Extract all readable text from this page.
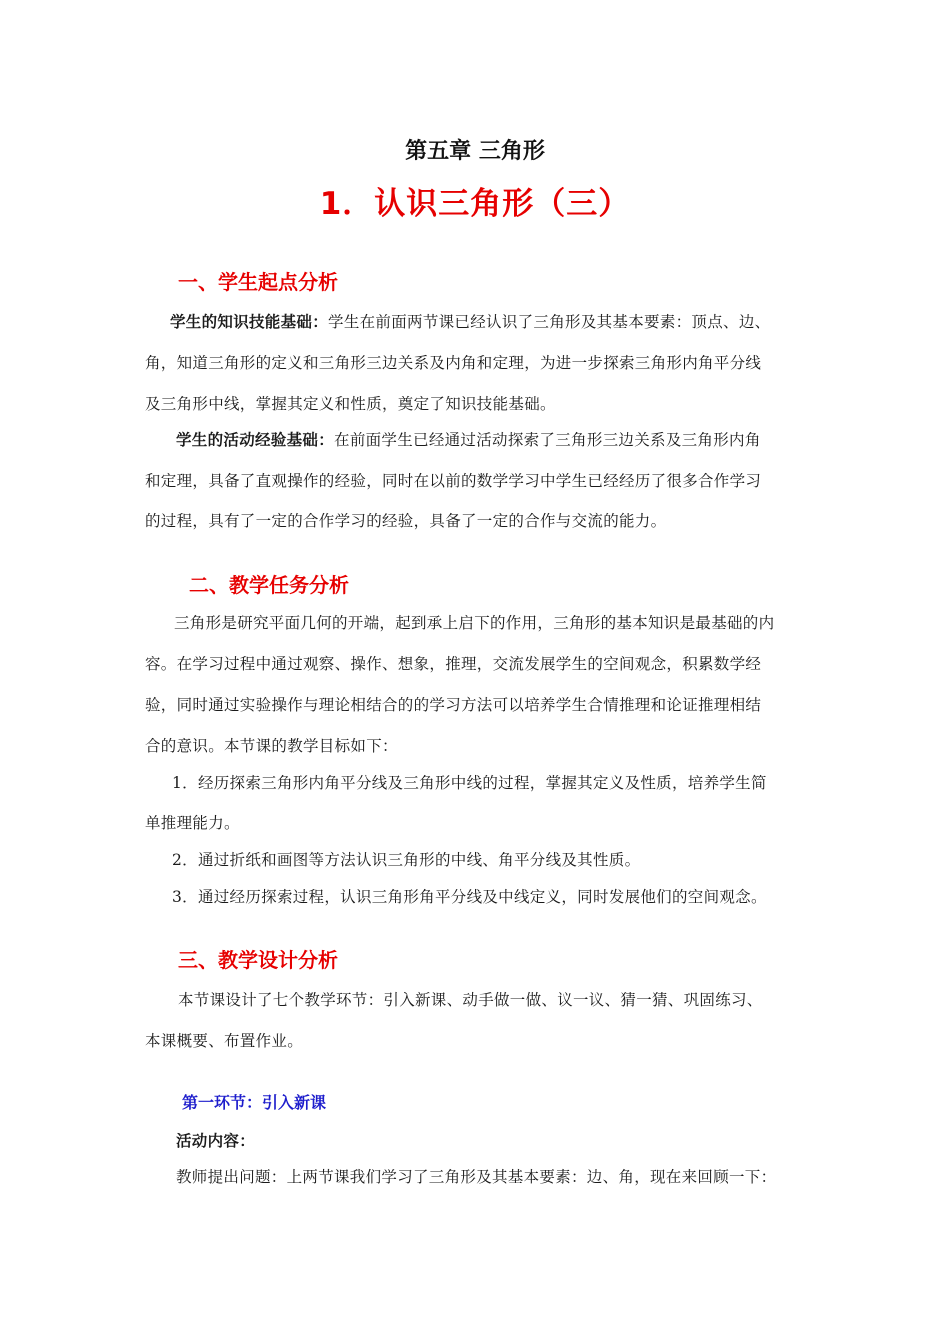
第五章 三角形
1．认识三角形（三）
一、学生起点分析
学生的知识技能基础：学生在前面两节课已经认识了三角形及其基本要素：顶点、边、
角，知道三角形的定义和三角形三边关系及内角和定理，为进一步探索三角形内角平分线
及三角形中线，掌握其定义和性质，奠定了知识技能基础。
学生的活动经验基础：在前面学生已经通过活动探索了三角形三边关系及三角形内角
和定理，具备了直观操作的经验，同时在以前的数学学习中学生已经经历了很多合作学习
的过程，具有了一定的合作学习的经验，具备了一定的合作与交流的能力。
二、教学任务分析
三角形是研究平面几何的开端，起到承上启下的作用，三角形的基本知识是最基础的内
容。在学习过程中通过观察、操作、想象，推理，交流发展学生的空间观念，积累数学经
验，同时通过实验操作与理论相结合的的学习方法可以培养学生合情推理和论证推理相结
合的意识。本节课的教学目标如下：
1．经历探索三角形内角平分线及三角形中线的过程，掌握其定义及性质，培养学生简
单推理能力。
2．通过折纸和画图等方法认识三角形的中线、角平分线及其性质。
3．通过经历探索过程，认识三角形角平分线及中线定义，同时发展他们的空间观念。
三、教学设计分析
本节课设计了七个教学环节：引入新课、动手做一做、议一议、猜一猜、巩固练习、
本课概要、布置作业。
第一环节：引入新课
活动内容：
教师提出问题：上两节课我们学习了三角形及其基本要素：边、角，现在来回顾一下：
